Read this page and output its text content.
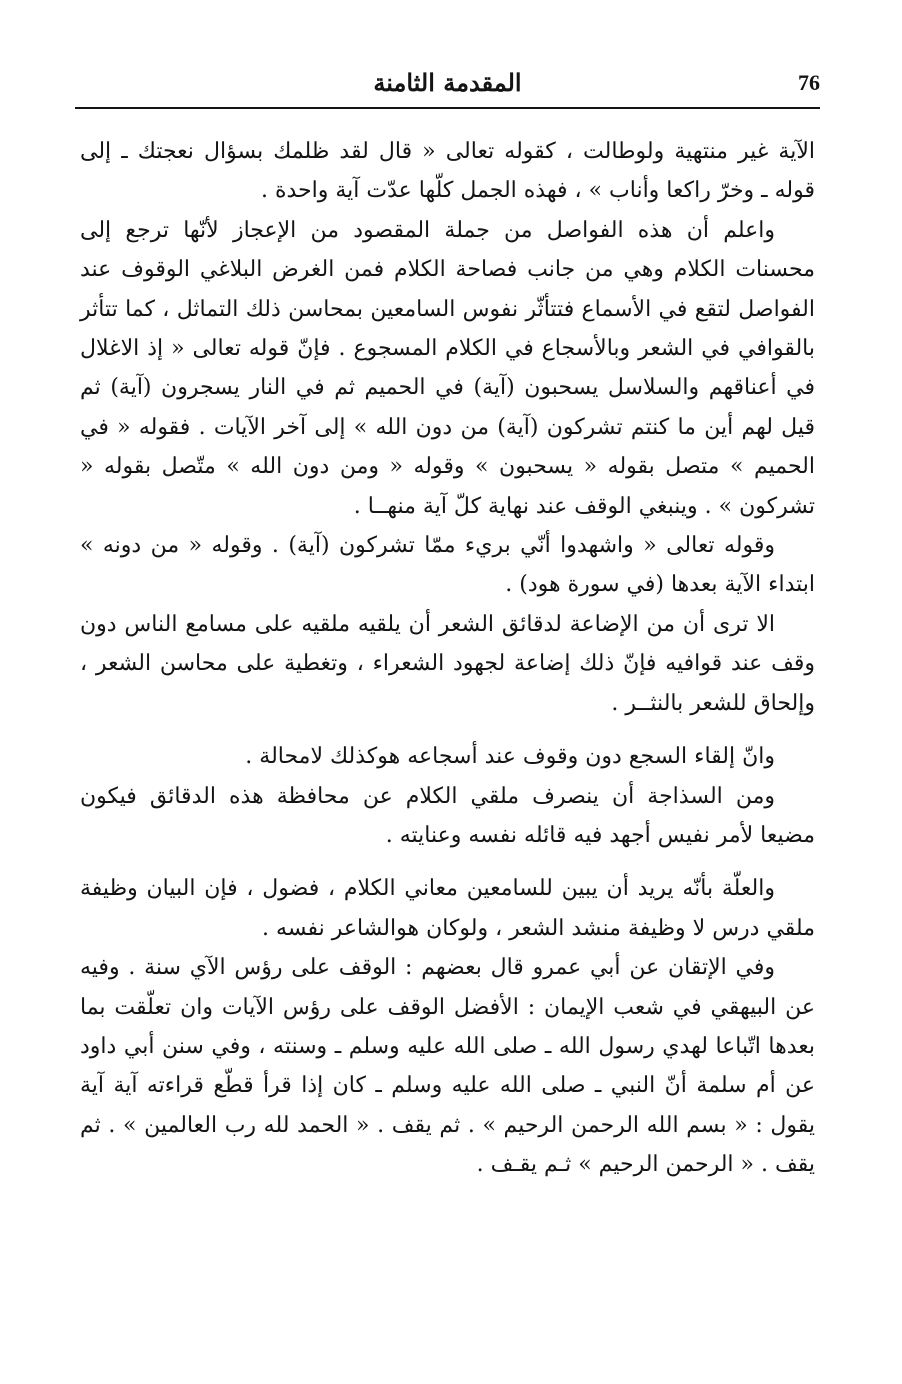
76
المقدمة الثامنة

الآية غير منتهية ولوطالت ، كقوله تعالى « قال لقد ظلمك بسؤال نعجتك ـ إلى قوله ـ وخرّ راكعا وأناب » ، فهذه الجمل كلّها عدّت آية واحدة .

واعلم أن هذه الفواصل من جملة المقصود من الإعجاز لأنّها ترجع إلى محسنات الكلام وهي من جانب فصاحة الكلام فمن الغرض البلاغي الوقوف عند الفواصل لتقع في الأسماع فتتأثّر نفوس السامعين بمحاسن ذلك التماثل ، كما تتأثر بالقوافي في الشعر وبالأسجاع في الكلام المسجوع . فإنّ قوله تعالى « إذ الاغلال في أعناقهم والسلاسل يسحبون (آية) في الحميم ثم في النار يسجرون (آية) ثم قيل لهم أين ما كنتم تشركون (آية) من دون الله » إلى آخر الآيات . فقوله « في الحميم » متصل بقوله « يسحبون » وقوله « ومن دون الله » متّصل بقوله « تشركون » . وينبغي الوقف عند نهاية كلّ آية منهــا .

وقوله تعالى « واشهدوا أنّي بريء ممّا تشركون (آية) . وقوله « من دونه » ابتداء الآية بعدها (في سورة هود) .

الا ترى أن من الإضاعة لدقائق الشعر أن يلقيه ملقيه على مسامع الناس دون وقف عند قوافيه فإنّ ذلك إضاعة لجهود الشعراء ، وتغطية على محاسن الشعر ، وإلحاق للشعر بالنثــر .

وانّ إلقاء السجع دون وقوف عند أسجاعه هوكذلك لامحالة .

ومن السذاجة أن ينصرف ملقي الكلام عن محافظة هذه الدقائق فيكون مضيعا لأمر نفيس أجهد فيه قائله نفسه وعنايته .

والعلّة بأنّه يريد أن يبين للسامعين معاني الكلام ، فضول ، فإن البيان وظيفة ملقي درس لا وظيفة منشد الشعر ، ولوكان هوالشاعر نفسه .

وفي الإتقان عن أبي عمرو قال بعضهم : الوقف على رؤس الآي سنة . وفيه عن البيهقي في شعب الإيمان : الأفضل الوقف على رؤس الآيات وان تعلّقت بما بعدها اتّباعا لهدي رسول الله ـ صلى الله عليه وسلم ـ وسنته ، وفي سنن أبي داود عن أم سلمة أنّ النبي ـ صلى الله عليه وسلم ـ كان إذا قرأ قطّع قراءته آية آية يقول : « بسم الله الرحمن الرحيم » . ثم يقف . « الحمد لله رب العالمين » . ثم يقف . « الرحمن الرحيم » ثـم يقـف .
